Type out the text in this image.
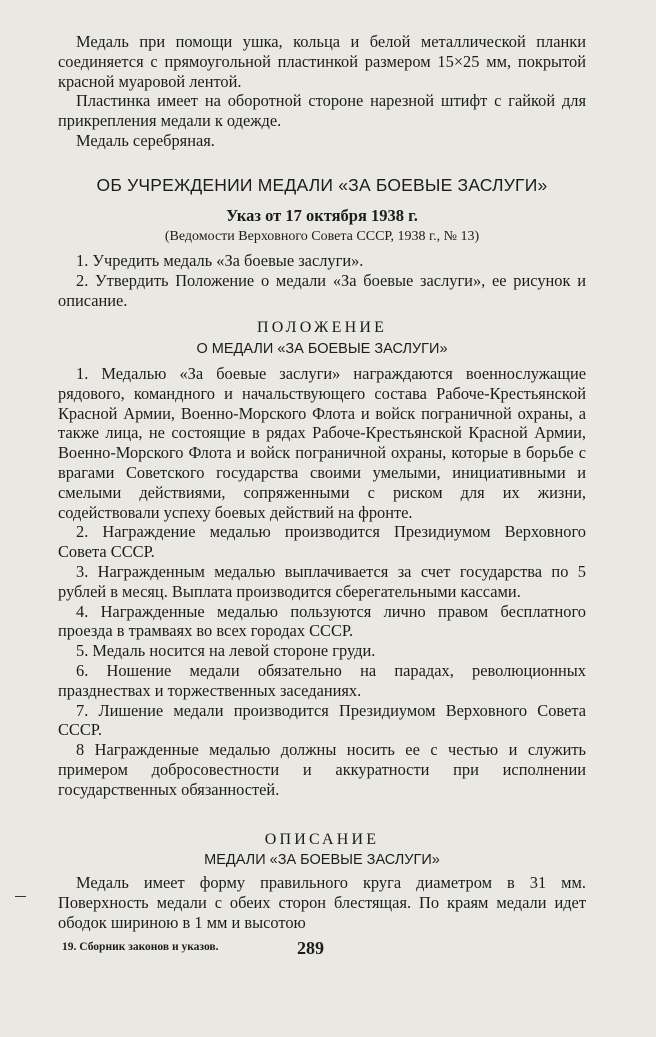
Медаль при помощи ушка, кольца и белой металлической планки соединяется с прямоугольной пластинкой размером 15×25 мм, покрытой красной муаровой лентой.

Пластинка имеет на оборотной стороне нарезной штифт с гайкой для прикрепления медали к одежде.

Медаль серебряная.

ОБ УЧРЕЖДЕНИИ МЕДАЛИ «ЗА БОЕВЫЕ ЗАСЛУГИ»
Указ от 17 октября 1938 г.
(Ведомости Верховного Совета СССР, 1938 г., № 13)

1. Учредить медаль «За боевые заслуги».

2. Утвердить Положение о медали «За боевые заслуги», ее рисунок и описание.

ПОЛОЖЕНИЕ
О МЕДАЛИ «ЗА БОЕВЫЕ ЗАСЛУГИ»

1. Медалью «За боевые заслуги» награждаются военнослужащие рядового, командного и начальствующего состава Рабоче-Крестьянской Красной Армии, Военно-Морского Флота и войск пограничной охраны, а также лица, не состоящие в рядах Рабоче-Крестьянской Красной Армии, Военно-Морского Флота и войск пограничной охраны, которые в борьбе с врагами Советского государства своими умелыми, инициативными и смелыми действиями, сопряженными с риском для их жизни, содействовали успеху боевых действий на фронте.

2. Награждение медалью производится Президиумом Верховного Совета СССР.

3. Награжденным медалью выплачивается за счет государства по 5 рублей в месяц. Выплата производится сберегательными кассами.

4. Награжденные медалью пользуются лично правом бесплатного проезда в трамваях во всех городах СССР.

5. Медаль носится на левой стороне груди.

6. Ношение медали обязательно на парадах, революционных празднествах и торжественных заседаниях.

7. Лишение медали производится Президиумом Верховного Совета СССР.

8 Награжденные медалью должны носить ее с честью и служить примером добросовестности и аккуратности при исполнении государственных обязанностей.

ОПИСАНИЕ
МЕДАЛИ «ЗА БОЕВЫЕ ЗАСЛУГИ»

Медаль имеет форму правильного круга диаметром в 31 мм. Поверхность медали с обеих сторон блестящая. По краям медали идет ободок шириною в 1 мм и высотою

19. Сборник законов и указов.	289
